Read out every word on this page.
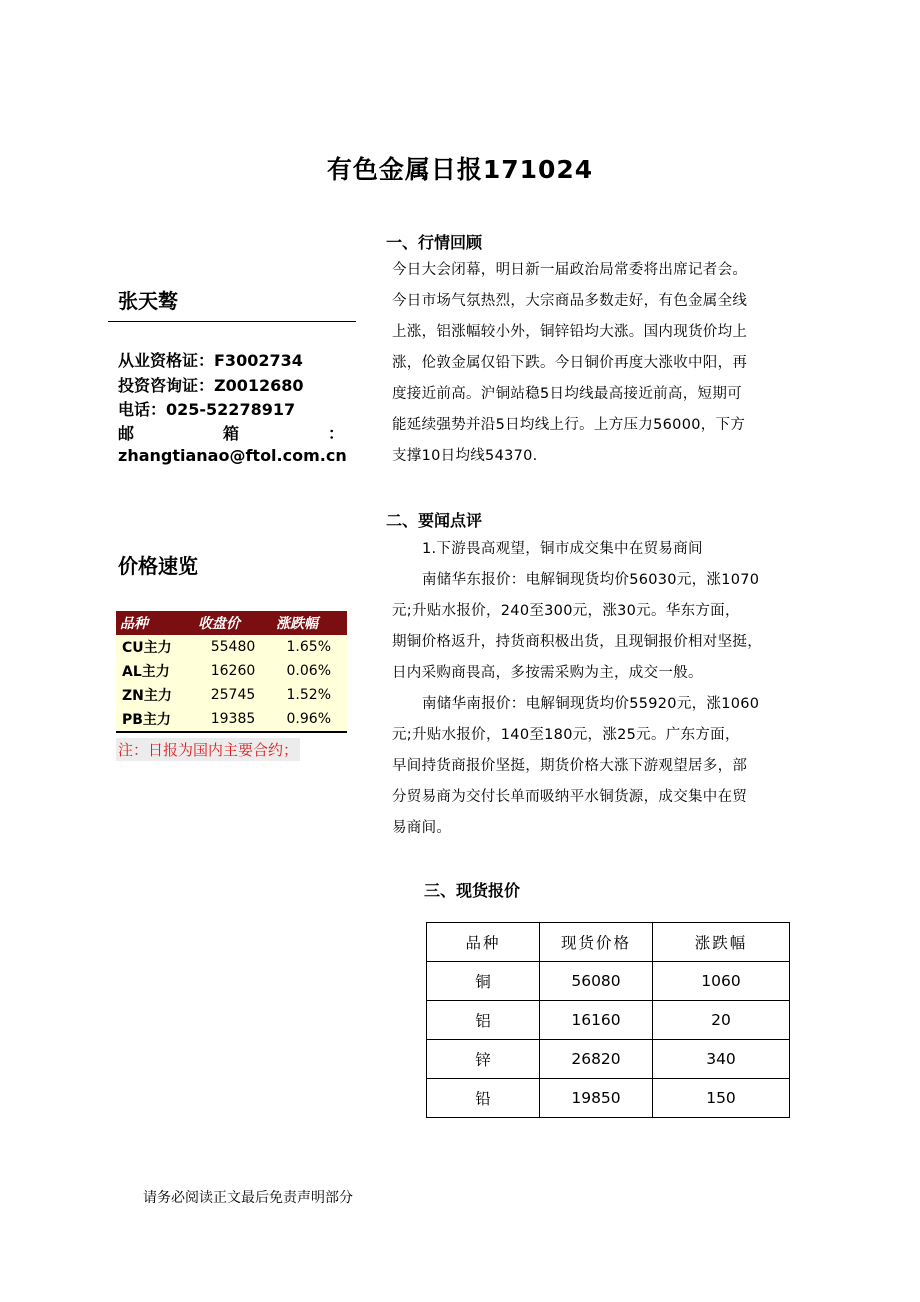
有色金属日报171024
张天骜
从业资格证：F3002734
投资咨询证：Z0012680
电话：025-52278917
邮	箱	：
zhangtianao@ftol.com.cn
价格速览
品种	收盘价	涨跌幅
CU主力	55480	1.65%
AL主力	16260	0.06%
ZN主力	25745	1.52%
PB主力	19385	0.96%
注：日报为国内主要合约；
一、行情回顾
今日大会闭幕，明日新一届政治局常委将出席记者会。
今日市场气氛热烈，大宗商品多数走好，有色金属全线
上涨，铝涨幅较小外，铜锌铅均大涨。国内现货价均上
涨，伦敦金属仅铅下跌。今日铜价再度大涨收中阳，再
度接近前高。沪铜站稳5日均线最高接近前高，短期可
能延续强势并沿5日均线上行。上方压力56000，下方
支撑10日均线54370.
二、要闻点评
1.下游畏高观望，铜市成交集中在贸易商间
南储华东报价：电解铜现货均价56030元，涨1070
元;升贴水报价，240至300元，涨30元。华东方面，
期铜价格返升，持货商积极出货，且现铜报价相对坚挺，
日内采购商畏高，多按需采购为主，成交一般。
南储华南报价：电解铜现货均价55920元，涨1060
元;升贴水报价，140至180元，涨25元。广东方面，
早间持货商报价坚挺，期货价格大涨下游观望居多，部
分贸易商为交付长单而吸纳平水铜货源，成交集中在贸
易商间。
三、现货报价
品种	现货价格	涨跌幅
铜	56080	1060
铝	16160	20
锌	26820	340
铅	19850	150
请务必阅读正文最后免责声明部分
